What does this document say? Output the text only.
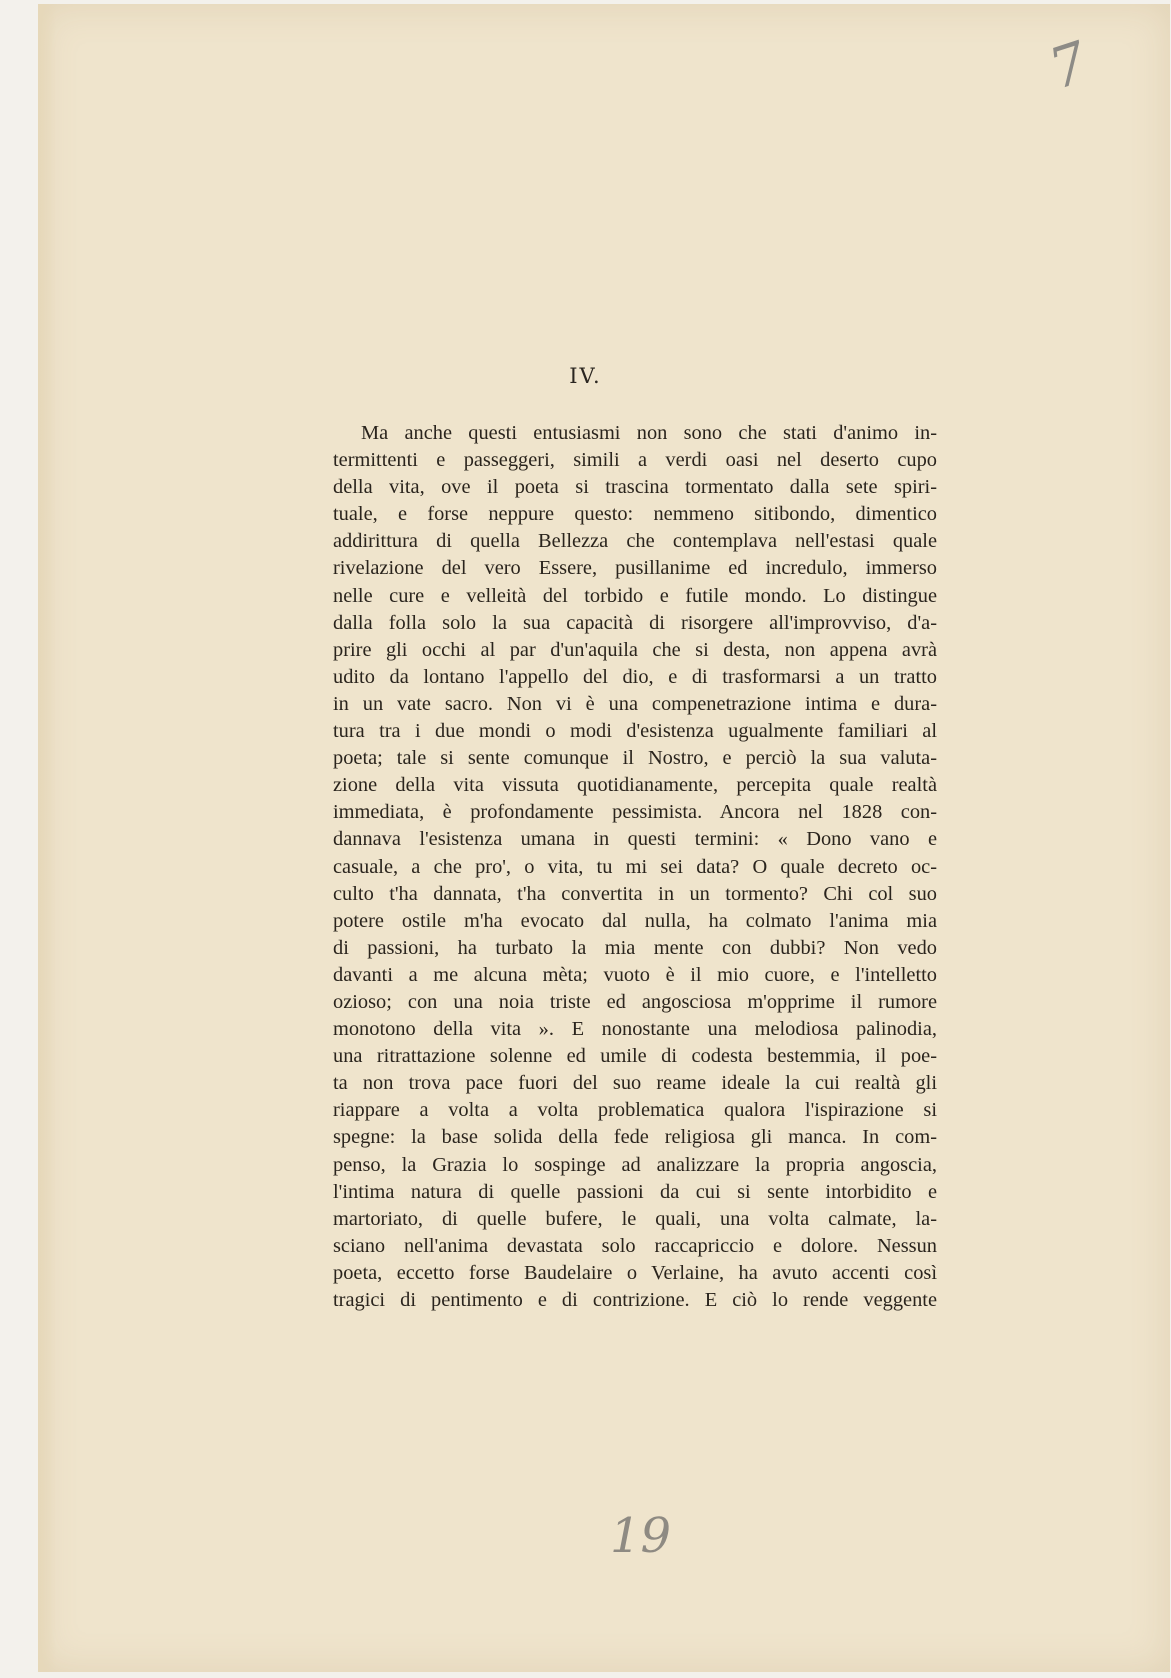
7
IV.
Ma anche questi entusiasmi non sono che stati d'animo in-
termittenti e passeggeri, simili a verdi oasi nel deserto cupo
della vita, ove il poeta si trascina tormentato dalla sete spiri-
tuale, e forse neppure questo: nemmeno sitibondo, dimentico
addirittura di quella Bellezza che contemplava nell'estasi quale
rivelazione del vero Essere, pusillanime ed incredulo, immerso
nelle cure e velleità del torbido e futile mondo. Lo distingue
dalla folla solo la sua capacità di risorgere all'improvviso, d'a-
prire gli occhi al par d'un'aquila che si desta, non appena avrà
udito da lontano l'appello del dio, e di trasformarsi a un tratto
in un vate sacro. Non vi è una compenetrazione intima e dura-
tura tra i due mondi o modi d'esistenza ugualmente familiari al
poeta; tale si sente comunque il Nostro, e perciò la sua valuta-
zione della vita vissuta quotidianamente, percepita quale realtà
immediata, è profondamente pessimista. Ancora nel 1828 con-
dannava l'esistenza umana in questi termini: « Dono vano e
casuale, a che pro', o vita, tu mi sei data? O quale decreto oc-
culto t'ha dannata, t'ha convertita in un tormento? Chi col suo
potere ostile m'ha evocato dal nulla, ha colmato l'anima mia
di passioni, ha turbato la mia mente con dubbi? Non vedo
davanti a me alcuna mèta; vuoto è il mio cuore, e l'intelletto
ozioso; con una noia triste ed angosciosa m'opprime il rumore
monotono della vita ». E nonostante una melodiosa palinodia,
una ritrattazione solenne ed umile di codesta bestemmia, il poe-
ta non trova pace fuori del suo reame ideale la cui realtà gli
riappare a volta a volta problematica qualora l'ispirazione si
spegne: la base solida della fede religiosa gli manca. In com-
penso, la Grazia lo sospinge ad analizzare la propria angoscia,
l'intima natura di quelle passioni da cui si sente intorbidito e
martoriato, di quelle bufere, le quali, una volta calmate, la-
sciano nell'anima devastata solo raccapriccio e dolore. Nessun
poeta, eccetto forse Baudelaire o Verlaine, ha avuto accenti così
tragici di pentimento e di contrizione. E ciò lo rende veggente
19
